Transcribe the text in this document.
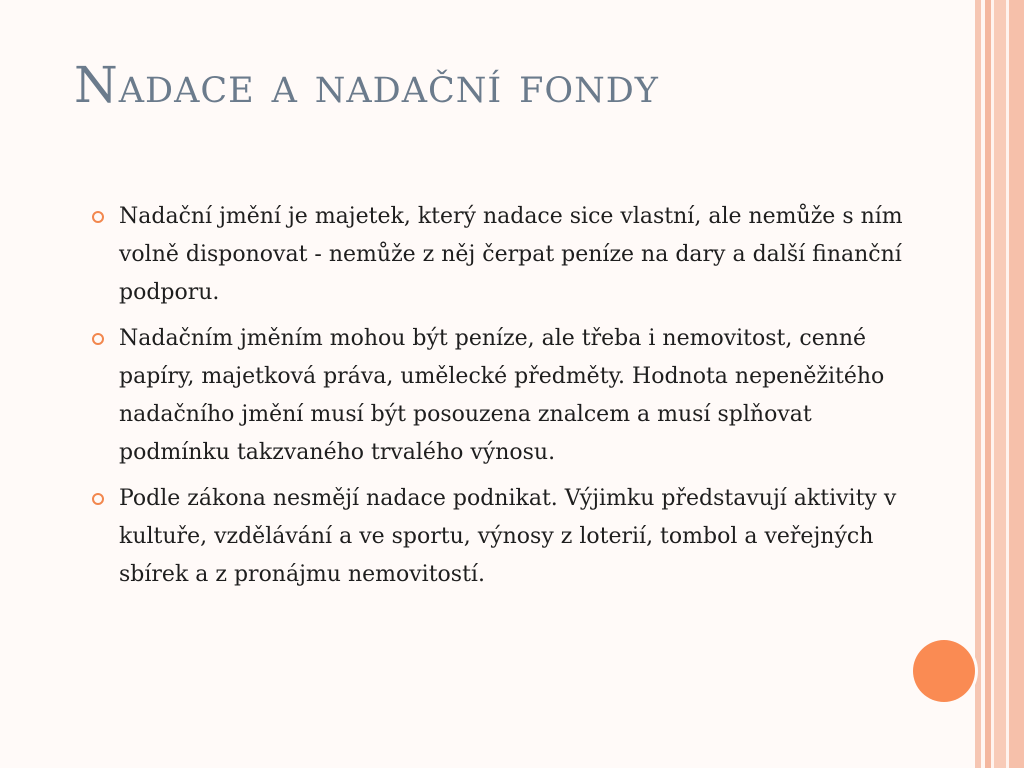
Nadace a nadační fondy
Nadační jmění je majetek, který nadace sice vlastní, ale nemůže s ním volně disponovat - nemůže z něj čerpat peníze na dary a další finanční podporu.
Nadačním jměním mohou být peníze, ale třeba i nemovitost, cenné papíry, majetková práva, umělecké předměty. Hodnota nepeněžitého nadačního jmění musí být posouzena znalcem a musí splňovat podmínku takzvaného trvalého výnosu.
Podle zákona nesmějí nadace podnikat. Výjimku představují aktivity v kultuře, vzdělávání a ve sportu, výnosy z loterií, tombol a veřejných sbírek a z pronájmu nemovitostí.
